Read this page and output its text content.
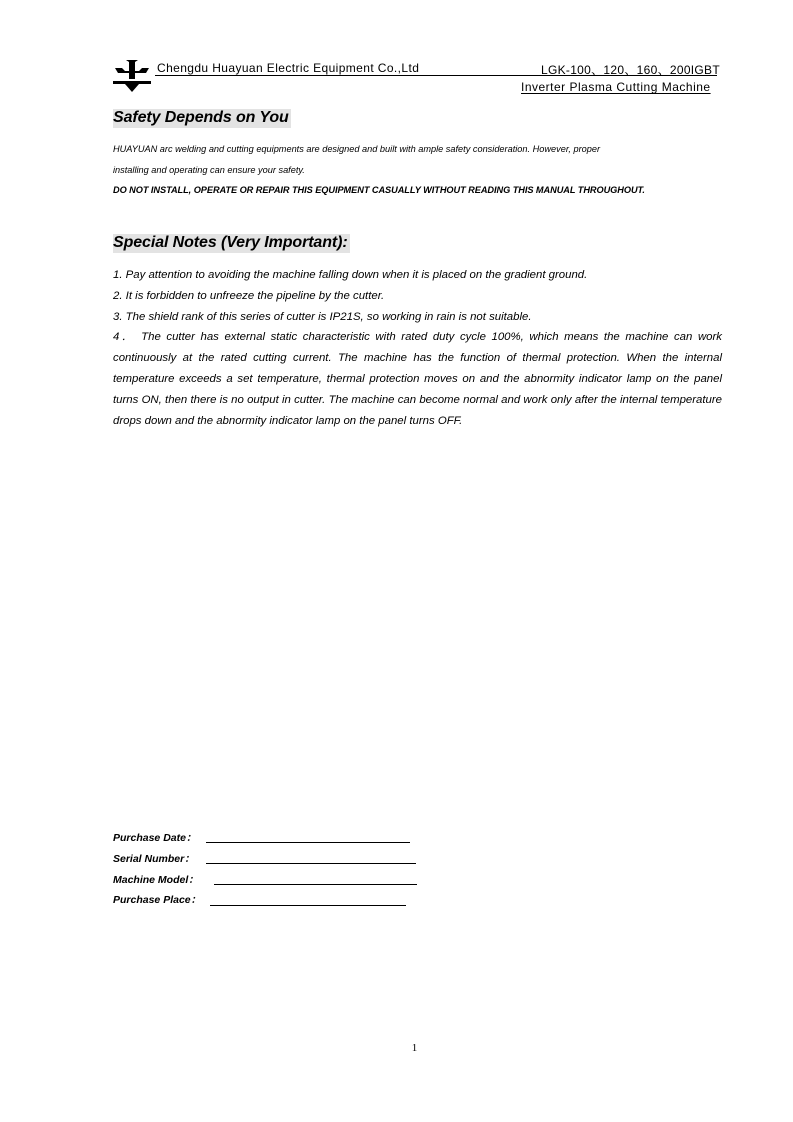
Chengdu Huayuan Electric Equipment Co.,Ltd	LGK-100、120、160、200IGBT
Inverter Plasma Cutting Machine
Safety Depends on You
HUAYUAN arc welding and cutting equipments are designed and built with ample safety consideration. However, proper
installing and operating can ensure your safety.
DO NOT INSTALL, OPERATE OR REPAIR THIS EQUIPMENT CASUALLY WITHOUT READING THIS MANUAL THROUGHOUT.
Special Notes (Very Important):

1. Pay attention to avoiding the machine falling down when it is placed on the gradient ground.

2. It is forbidden to unfreeze the pipeline by the cutter.

3. The shield rank of this series of cutter is IP21S, so working in rain is not suitable.

4． The cutter has external static characteristic with rated duty cycle 100%, which means the machine can work continuously at the rated cutting current. The machine has the function of thermal protection. When the internal temperature exceeds a set temperature, thermal protection moves on and the abnormity indicator lamp on the panel turns ON, then there is no output in cutter. The machine can become normal and work only after the internal temperature drops down and the abnormity indicator lamp on the panel turns OFF.

Purchase Date：
Serial Number：
Machine Model：
Purchase Place：
1
